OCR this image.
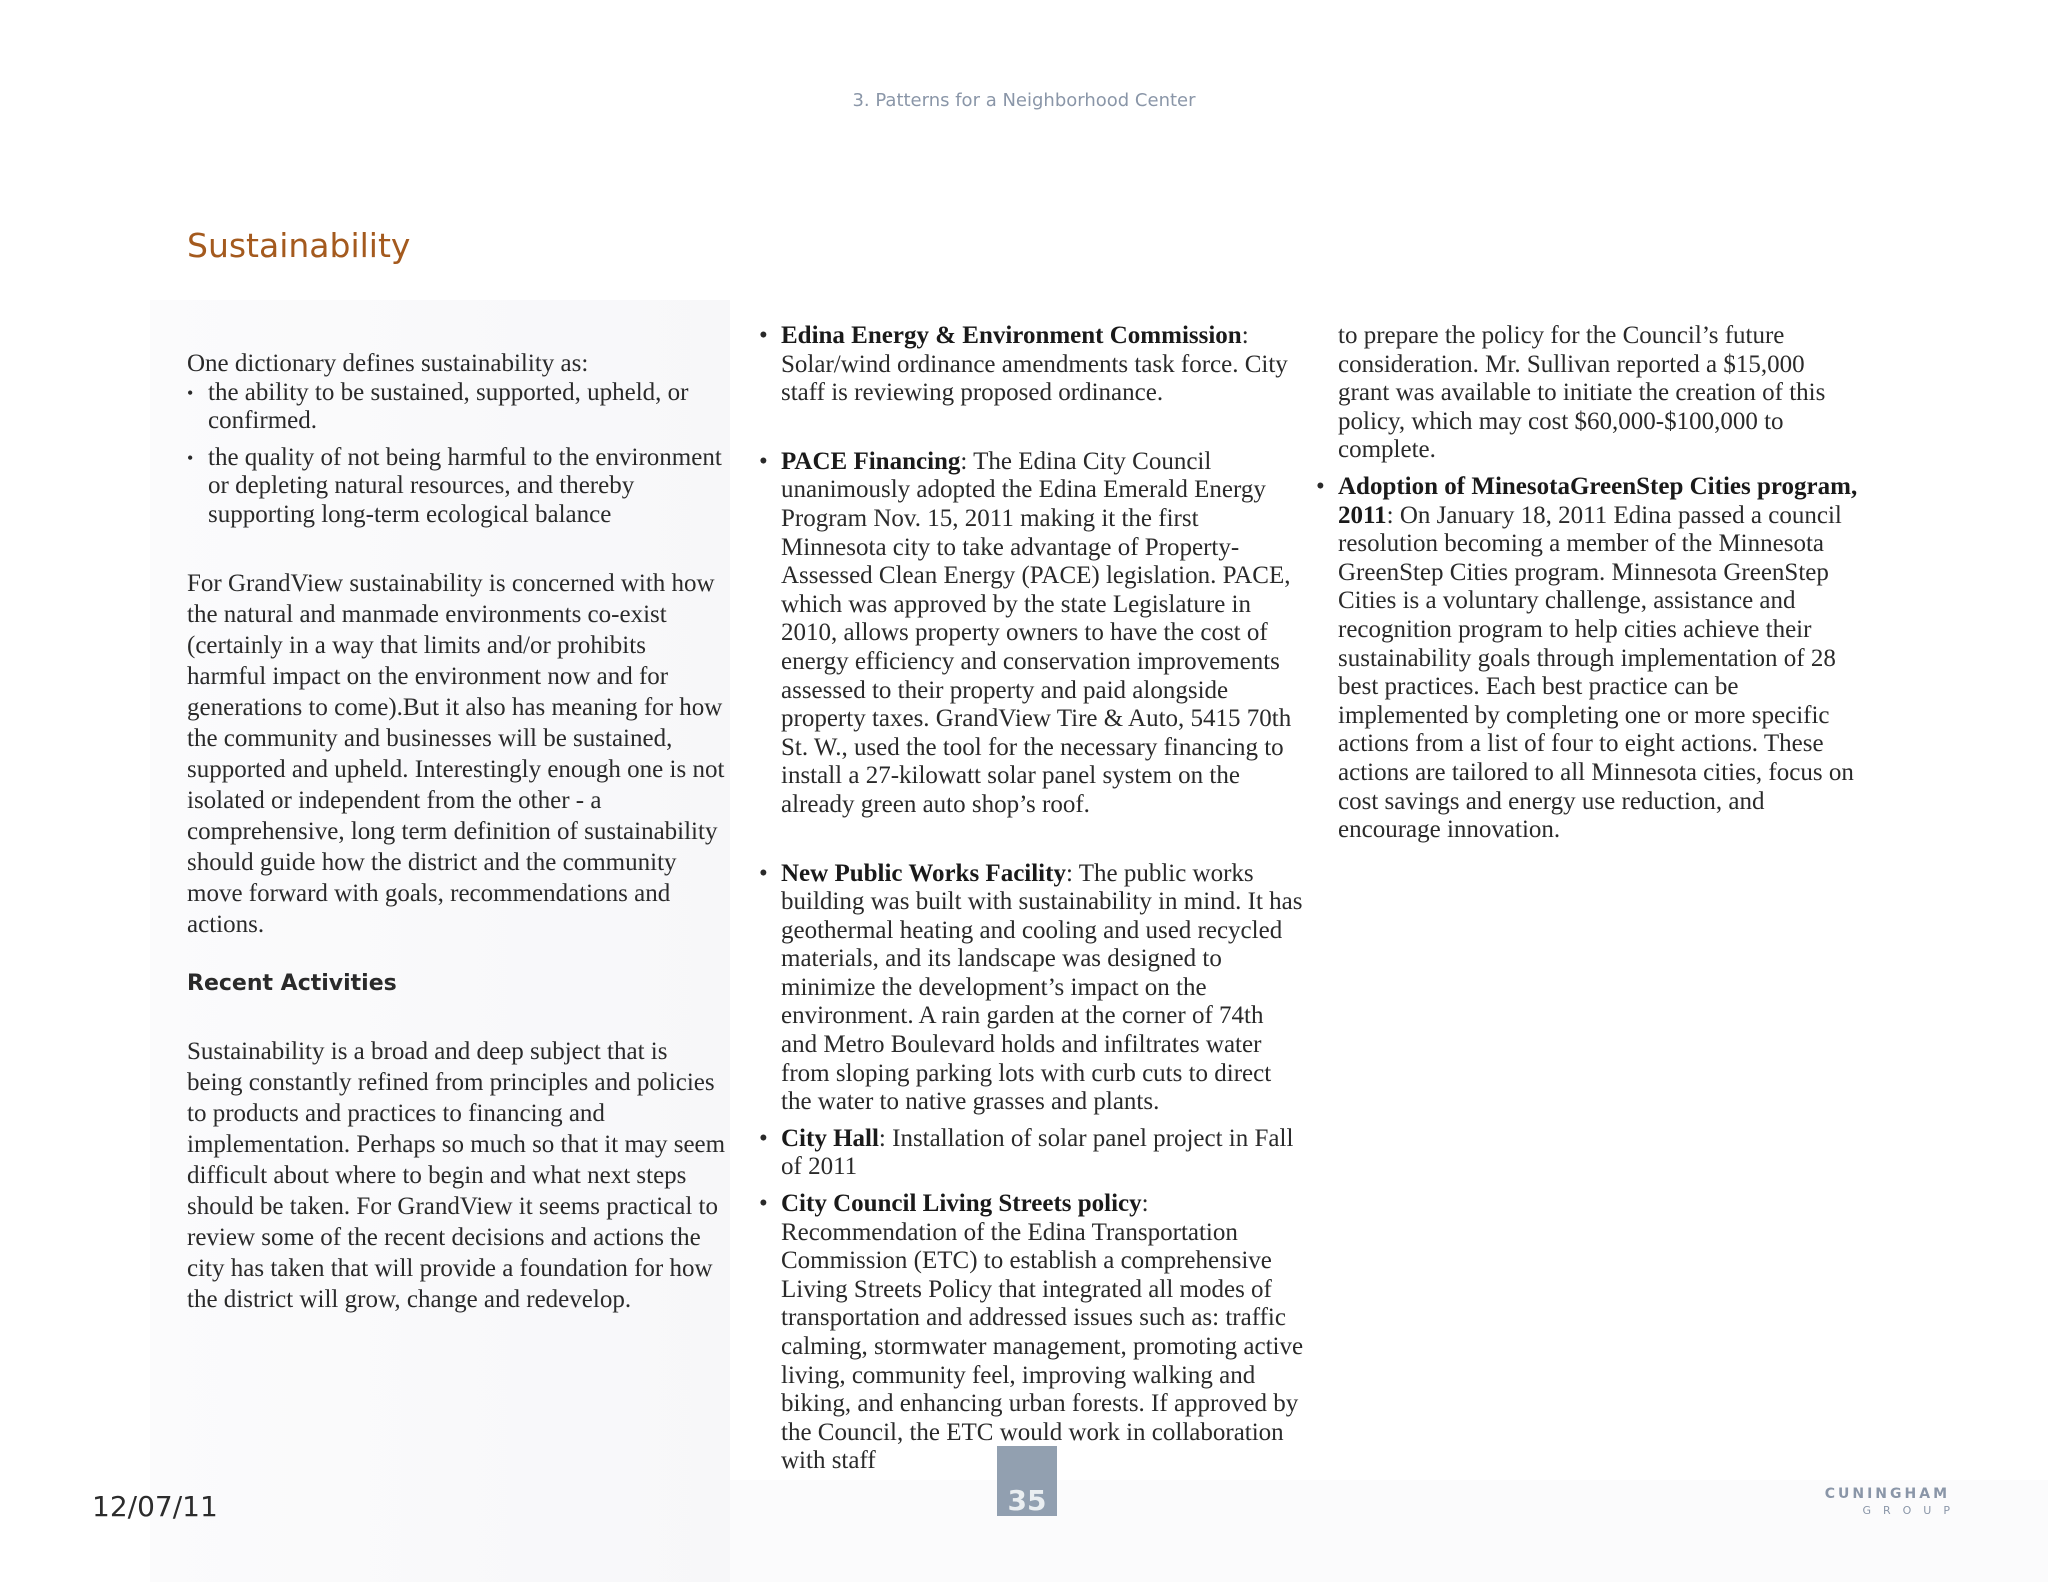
3. Patterns for a Neighborhood Center
Sustainability

One dictionary defines sustainability as:

• the ability to be sustained, supported, upheld, or confirmed.
• the quality of not being harmful to the environment or depleting natural resources, and thereby supporting long-term ecological balance

For GrandView sustainability is concerned with how the natural and manmade environments co-exist (certainly in a way that limits and/or prohibits harmful impact on the environment now and for generations to come).But it also has meaning for how the community and businesses will be sustained, supported and upheld. Interestingly enough one is not isolated or independent from the other - a comprehensive, long term definition of sustainability should guide how the district and the community move forward with goals, recommendations and actions.

Recent Activities

Sustainability is a broad and deep subject that is being constantly refined from principles and policies to products and practices to financing and implementation. Perhaps so much so that it may seem difficult about where to begin and what next steps should be taken. For GrandView it seems practical to review some of the recent decisions and actions the city has taken that will provide a foundation for how the district will grow, change and redevelop.

• Edina Energy & Environment Commission: Solar/wind ordinance amendments task force. City staff is reviewing proposed ordinance.
• PACE Financing: The Edina City Council unanimously adopted the Edina Emerald Energy Program Nov. 15, 2011 making it the first Minnesota city to take advantage of Property-Assessed Clean Energy (PACE) legislation. PACE, which was approved by the state Legislature in 2010, allows property owners to have the cost of energy efficiency and conservation improvements assessed to their property and paid alongside property taxes. GrandView Tire & Auto, 5415 70th St. W., used the tool for the necessary financing to install a 27-kilowatt solar panel system on the already green auto shop’s roof.
• New Public Works Facility: The public works building was built with sustainability in mind. It has geothermal heating and cooling and used recycled materials, and its landscape was designed to minimize the development’s impact on the environment. A rain garden at the corner of 74th and Metro Boulevard holds and infiltrates water from sloping parking lots with curb cuts to direct the water to native grasses and plants.
• City Hall: Installation of solar panel project in Fall of 2011
• City Council Living Streets policy: Recommendation of the Edina Transportation Commission (ETC) to establish a comprehensive Living Streets Policy that integrated all modes of transportation and addressed issues such as: traffic calming, stormwater management, promoting active living, community feel, improving walking and biking, and enhancing urban forests. If approved by the Council, the ETC would work in collaboration with staff

to prepare the policy for the Council’s future consideration. Mr. Sullivan reported a $15,000 grant was available to initiate the creation of this policy, which may cost $60,000-$100,000 to complete.

• Adoption of MinesotaGreenStep Cities program, 2011: On January 18, 2011 Edina passed a council resolution becoming a member of the Minnesota GreenStep Cities program. Minnesota GreenStep Cities is a voluntary challenge, assistance and recognition program to help cities achieve their sustainability goals through implementation of 28 best practices. Each best practice can be implemented by completing one or more specific actions from a list of four to eight actions. These actions are tailored to all Minnesota cities, focus on cost savings and energy use reduction, and encourage innovation.
35
12/07/11	CUNINGHAM
GROUP
